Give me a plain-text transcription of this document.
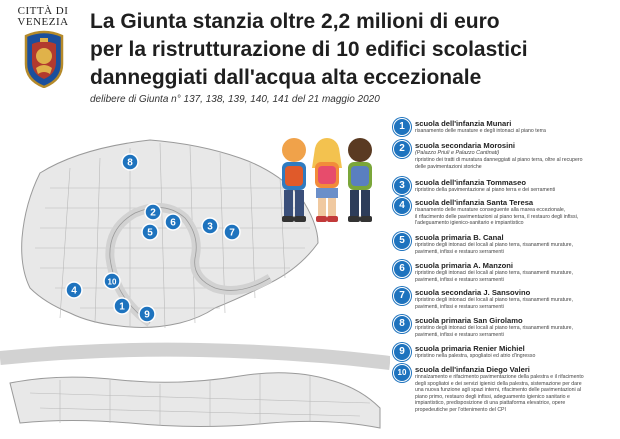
CITTÀ DI
VENEZIA	La Giunta stanzia oltre 2,2 milioni di euro
per la ristrutturazione di 10 edifici scolastici
danneggiati dall'acqua alta eccezionale
delibere di Giunta n° 137, 138, 139, 140, 141 del 21 maggio 2020
8
2
6
5
3
7
10
4
1
9
1	scuola dell'infanzia Munari
risanamento delle murature e degli intonaci al piano terra
2	scuola secondaria Morosini
(Palazzo Priuli e Palazzo Cantinati)
ripristino dei tratti di muratura danneggiati al piano terra, oltre al recupero
delle pavimentazioni storiche
3	scuola dell'infanzia Tommaseo
ripristino della pavimentazione al piano terra e dei serramenti
4	scuola dell'infanzia Santa Teresa
risanamento delle murature conseguente alla marea eccezionale,
il rifacimento delle pavimentazioni al piano terra, il restauro degli infissi,
l'adeguamento igienico-sanitario e impiantistico
5	scuola primaria B. Canal
ripristino degli intonaci dei locali al piano terra, risanamenti murature,
pavimenti, infissi e restauro serramenti
6	scuola primaria A. Manzoni
ripristino degli intonaci dei locali al piano terra, risanamenti murature,
pavimenti, infissi e restauro serramenti
7	scuola secondaria J. Sansovino
ripristino degli intonaci dei locali al piano terra, risanamenti murature,
pavimenti, infissi e restauro serramenti
8	scuola primaria San Girolamo
ripristino degli intonaci dei locali al piano terra, risanamenti murature,
pavimenti, infissi e restauro serramenti
9	scuola primaria Renier Michiel
ripristino nella palestra, spogliatoi ed atrio d'ingresso
10	scuola dell'infanzia Diego Valeri
rinnalzamento e rifacimento pavimentazione della palestra e il rifacimento
degli spogliatoi e dei servizi igienici della palestra, sistemazione per dare
una nuova funzione agli spazi interni, rifacimento delle pavimentazioni al
piano primo, restauro degli infissi, adeguamento igienico sanitario e
impiantistico, predisposizione di una piattaforma elevatrice, opere
propedeutiche per l'ottenimento del CPI
